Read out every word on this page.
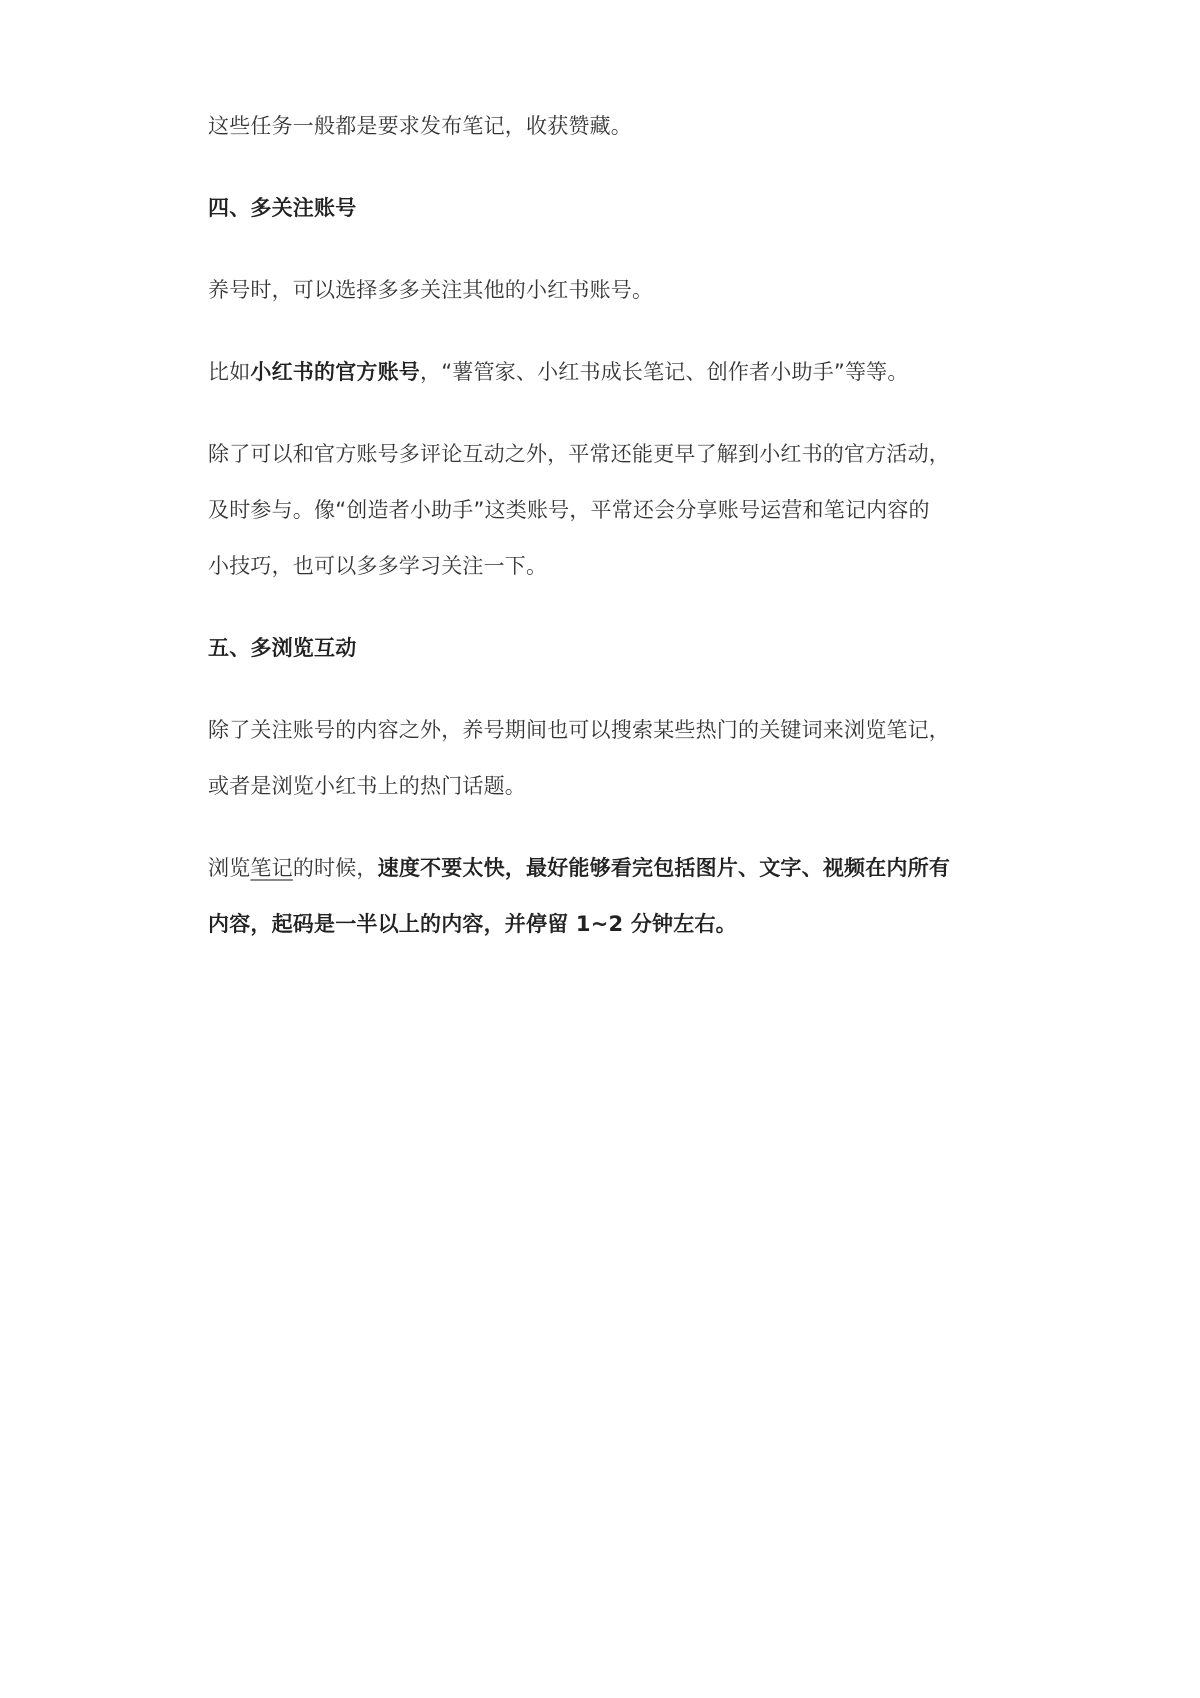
这些任务一般都是要求发布笔记，收获赞藏。
四、多关注账号
养号时，可以选择多多关注其他的小红书账号。
比如小红书的官方账号，“薯管家、小红书成长笔记、创作者小助手”等等。
除了可以和官方账号多评论互动之外，平常还能更早了解到小红书的官方活动，
及时参与。像“创造者小助手”这类账号，平常还会分享账号运营和笔记内容的
小技巧，也可以多多学习关注一下。
五、多浏览互动
除了关注账号的内容之外，养号期间也可以搜索某些热门的关键词来浏览笔记，
或者是浏览小红书上的热门话题。
浏览笔记的时候，速度不要太快，最好能够看完包括图片、文字、视频在内所有
内容，起码是一半以上的内容，并停留 1~2 分钟左右。
